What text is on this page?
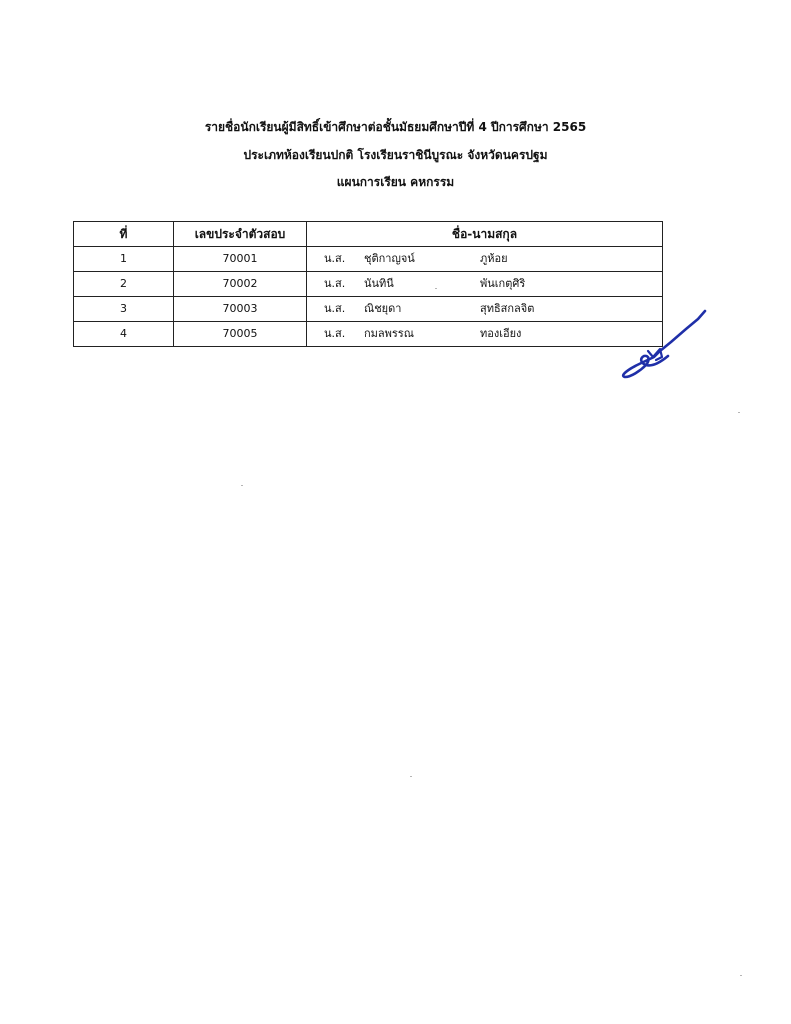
รายชื่อนักเรียนผู้มีสิทธิ์เข้าศึกษาต่อชั้นมัธยมศึกษาปีที่ 4 ปีการศึกษา 2565
ประเภทห้องเรียนปกติ โรงเรียนราชินีบูรณะ จังหวัดนครปฐม
แผนการเรียน คหกรรม
ที่	เลขประจำตัวสอบ	ชื่อ-นามสกุล
1	70001	น.ส. ชุติกาญจน์ ภูห้อย

2	70002	น.ส. นันทินี พันเกตุศิริ

3	70003	น.ส. ณิชยุดา สุทธิสกลจิต

4	70005	น.ส. กมลพรรณ ทองเอียง
